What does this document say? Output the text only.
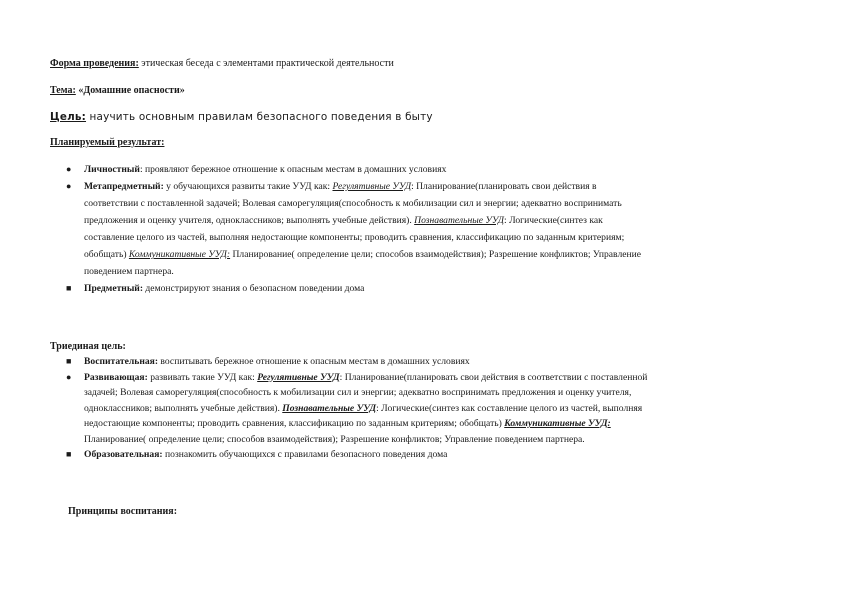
Форма проведения: этическая беседа с элементами практической деятельности
Тема: «Домашние опасности»
Цель: научить основным правилам безопасного поведения в быту
Планируемый результат:
● Личностный: проявляют бережное отношение к опасным местам в домашних условиях
● Метапредметный: у обучающихся развиты такие УУД как: Регулятивные УУД: Планирование(планировать свои действия в
соответствии с поставленной задачей; Волевая саморегуляция(способность к мобилизации сил и энергии; адекватно воспринимать
предложения и оценку учителя, одноклассников; выполнять учебные действия). Познавательные УУД: Логические(синтез как
составление целого из частей, выполняя недостающие компоненты; проводить сравнения, классификацию по заданным критериям;
обобщать) Коммуникативные УУД: Планирование( определение цели; способов взаимодействия); Разрешение конфликтов; Управление
поведением партнера.
■ Предметный: демонстрируют знания о безопасном поведении дома
Триединая цель:
■ Воспитательная: воспитывать бережное отношение к опасным местам в домашних условиях
● Развивающая: развивать такие УУД как: Регулятивные УУД: Планирование(планировать свои действия в соответствии с поставленной
задачей; Волевая саморегуляция(способность к мобилизации сил и энергии; адекватно воспринимать предложения и оценку учителя,
одноклассников; выполнять учебные действия). Познавательные УУД: Логические(синтез как составление целого из частей, выполняя
недостающие компоненты; проводить сравнения, классификацию по заданным критериям; обобщать) Коммуникативные УУД:
Планирование( определение цели; способов взаимодействия); Разрешение конфликтов; Управление поведением партнера.
■ Образовательная: познакомить обучающихся с правилами безопасного поведения дома
Принципы воспитания:
